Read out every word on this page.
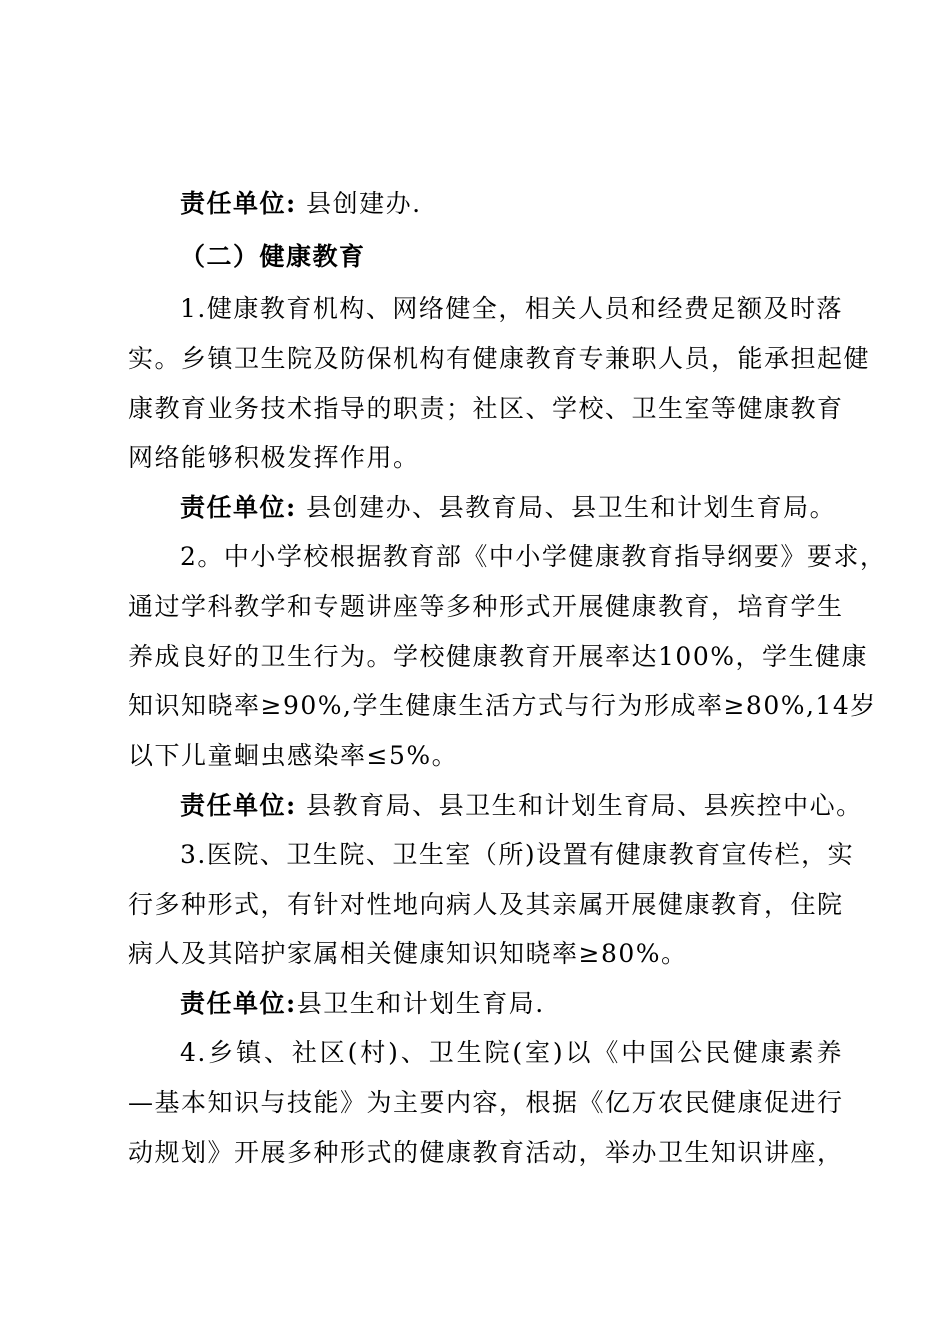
责任单位: 县创建办.
（二）健康教育
1.健康教育机构、网络健全，相关人员和经费足额及时落
实。乡镇卫生院及防保机构有健康教育专兼职人员，能承担起健
康教育业务技术指导的职责；社区、学校、卫生室等健康教育
网络能够积极发挥作用。
责任单位: 县创建办、县教育局、县卫生和计划生育局。
2。中小学校根据教育部《中小学健康教育指导纲要》要求，
通过学科教学和专题讲座等多种形式开展健康教育，培育学生
养成良好的卫生行为。学校健康教育开展率达100%，学生健康
知识知晓率≥90%,学生健康生活方式与行为形成率≥80%,14岁
以下儿童蛔虫感染率≤5%。
责任单位: 县教育局、县卫生和计划生育局、县疾控中心。
3.医院、卫生院、卫生室（所)设置有健康教育宣传栏，实
行多种形式，有针对性地向病人及其亲属开展健康教育，住院
病人及其陪护家属相关健康知识知晓率≥80%。
责任单位:县卫生和计划生育局.
4.乡镇、社区(村)、卫生院(室)以《中国公民健康素养
—基本知识与技能》为主要内容，根据《亿万农民健康促进行
动规划》开展多种形式的健康教育活动，举办卫生知识讲座，
